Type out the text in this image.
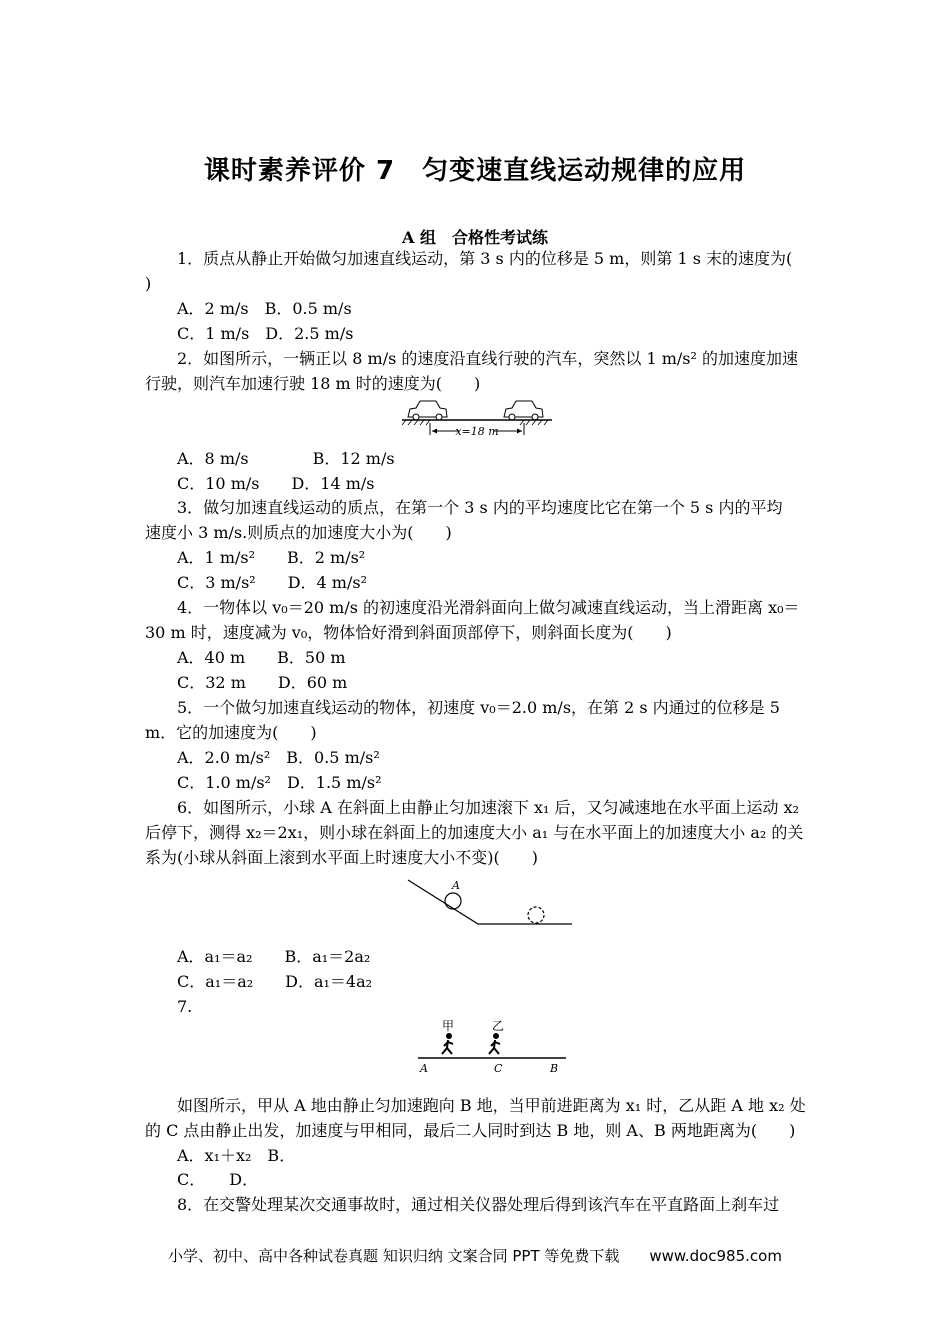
课时素养评价 7　匀变速直线运动规律的应用
A 组　合格性考试练
1．质点从静止开始做匀加速直线运动，第 3 s 内的位移是 5 m，则第 1 s 末的速度为(
)
A．2 m/s　B．0.5 m/s
C．1 m/s　D．2.5 m/s
2．如图所示，一辆正以 8 m/s 的速度沿直线行驶的汽车，突然以 1 m/s² 的加速度加速
行驶，则汽车加速行驶 18 m 时的速度为(　　)
x=18 m
A．8 m/s　　　　B．12 m/s
C．10 m/s　　D．14 m/s
3．做匀加速直线运动的质点，在第一个 3 s 内的平均速度比它在第一个 5 s 内的平均
速度小 3 m/s.则质点的加速度大小为(　　)
A．1 m/s²　　B．2 m/s²
C．3 m/s²　　D．4 m/s²
4．一物体以 v₀＝20 m/s 的初速度沿光滑斜面向上做匀减速直线运动，当上滑距离 x₀＝
30 m 时，速度减为 v₀，物体恰好滑到斜面顶部停下，则斜面长度为(　　)
A．40 m　　B．50 m
C．32 m　　D．60 m
5．一个做匀加速直线运动的物体，初速度 v₀＝2.0 m/s，在第 2 s 内通过的位移是 5
m．它的加速度为(　　)
A．2.0 m/s²　B．0.5 m/s²
C．1.0 m/s²　D．1.5 m/s²
6．如图所示，小球 A 在斜面上由静止匀加速滚下 x₁ 后，又匀减速地在水平面上运动 x₂
后停下，测得 x₂＝2x₁，则小球在斜面上的加速度大小 a₁ 与在水平面上的加速度大小 a₂ 的关
系为(小球从斜面上滚到水平面上时速度大小不变)(　　)
A
A．a₁＝a₂　　B．a₁＝2a₂
C．a₁＝a₂　　D．a₁＝4a₂
7.
甲	乙
A	C	B
如图所示，甲从 A 地由静止匀加速跑向 B 地，当甲前进距离为 x₁ 时，乙从距 A 地 x₂ 处
的 C 点由静止出发，加速度与甲相同，最后二人同时到达 B 地，则 A、B 两地距离为(　　)
A．x₁＋x₂　B．
C．　　D．
8．在交警处理某次交通事故时，通过相关仪器处理后得到该汽车在平直路面上刹车过
小学、初中、高中各种试卷真题 知识归纳 文案合同 PPT 等免费下载　　www.doc985.com
